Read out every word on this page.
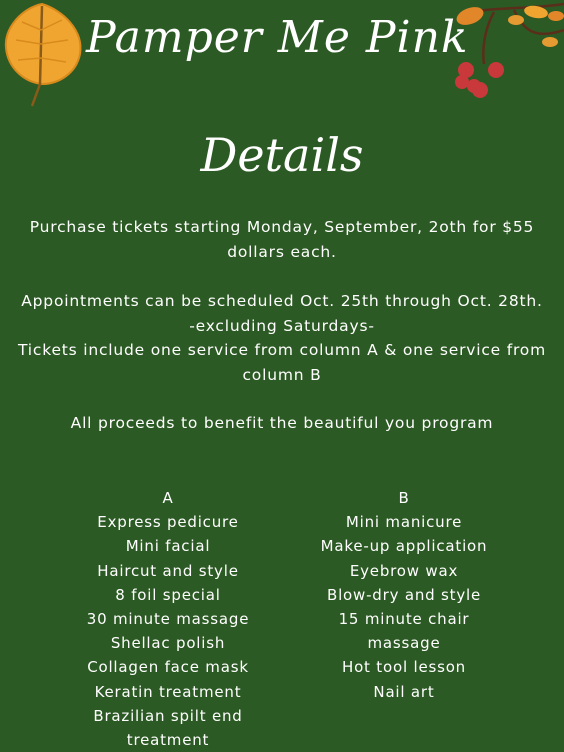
Pamper Me Pink
Details
Purchase tickets starting Monday, September, 2oth for $55 dollars each.
Appointments can be scheduled Oct. 25th through Oct. 28th.
-excluding Saturdays-
Tickets include one service from column A & one service from column B
All proceeds to benefit the beautiful you program
A
Express pedicure
Mini facial
Haircut and style
8 foil special
30 minute massage
Shellac polish
Collagen face mask
Keratin treatment
Brazilian spilt end treatment
B
Mini manicure
Make-up application
Eyebrow wax
Blow-dry and style
15 minute chair massage
Hot tool lesson
Nail art
